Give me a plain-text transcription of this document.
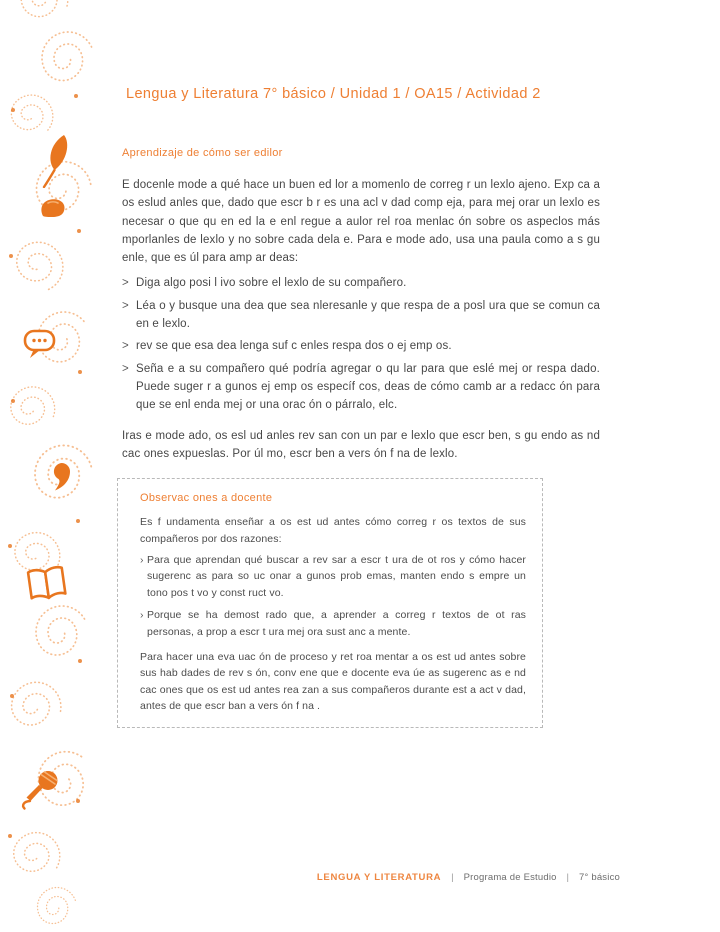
Lengua y Literatura 7° básico / Unidad 1 / OA15 / Actividad 2
Aprendizaje de cómo ser edilor

E docenle mode a qué hace un buen ed lor a momenlo de correg r un lexlo ajeno. Exp ca a os eslud anles que, dado que escr b r es una acl v dad comp eja, para mej orar un lexlo es necesar o que qu en ed la e enl regue a aulor rel roa menlac ón sobre os aspeclos más mporlanles de lexlo y no sobre cada dela e. Para e mode ado, usa una paula como a s gu enle, que es úl para amp ar deas:

> Diga algo posi l ivo sobre el lexlo de su compañero.
> Léa o y busque una dea que sea nleresanle y que respa de a posl ura que se comun ca en e lexlo.
> rev se que esa dea lenga suf c enles respa dos o ej emp os.
> Seña e a su compañero qué podría agregar o qu lar para que eslé mej or respa dado. Puede suger r a gunos ej emp os específ cos, deas de cómo camb ar a redacc ón para que se enl enda mej or una orac ón o párralo, elc.

Iras e mode ado, os esl ud anles rev san con un par e lexlo que escr ben, s gu endo as nd cac ones expueslas. Por úl mo, escr ben a vers ón f na de lexlo.

Observac ones a docente

Es f undamenta enseñar a os est ud antes cómo correg r os textos de sus compañeros por dos razones:

› Para que aprendan qué buscar a rev sar a escr t ura de ot ros y cómo hacer sugerenc as para so uc onar a gunos prob emas, manten endo s empre un tono pos t vo y const ruct vo.
› Porque se ha demost rado que, a aprender a correg r textos de ot ras personas, a prop a escr t ura mej ora sust anc a mente.

Para hacer una eva uac ón de proceso y ret roa mentar a os est ud antes sobre sus hab dades de rev s ón, conv ene que e docente eva úe as sugerenc as e nd cac ones que os est ud antes rea zan a sus compañeros durante est a act v dad, antes de que escr ban a vers ón f na .

LENGUA Y LITERATURA | Programa de Estudio | 7° básico
